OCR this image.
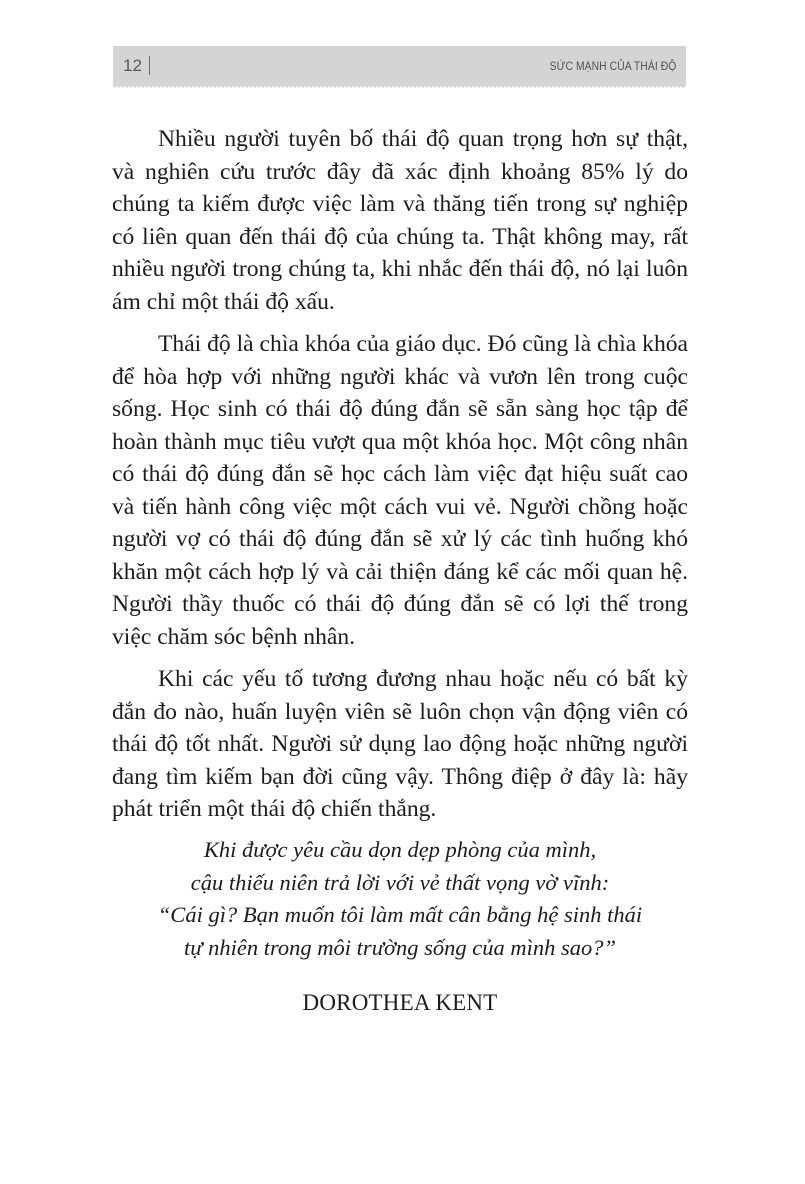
12	SỨC MẠNH CỦA THÁI ĐỘ

Nhiều người tuyên bố thái độ quan trọng hơn sự thật, và nghiên cứu trước đây đã xác định khoảng 85% lý do chúng ta kiếm được việc làm và thăng tiến trong sự nghiệp có liên quan đến thái độ của chúng ta. Thật không may, rất nhiều người trong chúng ta, khi nhắc đến thái độ, nó lại luôn ám chỉ một thái độ xấu.

Thái độ là chìa khóa của giáo dục. Đó cũng là chìa khóa để hòa hợp với những người khác và vươn lên trong cuộc sống. Học sinh có thái độ đúng đắn sẽ sẵn sàng học tập để hoàn thành mục tiêu vượt qua một khóa học. Một công nhân có thái độ đúng đắn sẽ học cách làm việc đạt hiệu suất cao và tiến hành công việc một cách vui vẻ. Người chồng hoặc người vợ có thái độ đúng đắn sẽ xử lý các tình huống khó khăn một cách hợp lý và cải thiện đáng kể các mối quan hệ. Người thầy thuốc có thái độ đúng đắn sẽ có lợi thế trong việc chăm sóc bệnh nhân.

Khi các yếu tố tương đương nhau hoặc nếu có bất kỳ đắn đo nào, huấn luyện viên sẽ luôn chọn vận động viên có thái độ tốt nhất. Người sử dụng lao động hoặc những người đang tìm kiếm bạn đời cũng vậy. Thông điệp ở đây là: hãy phát triển một thái độ chiến thắng.

Khi được yêu cầu dọn dẹp phòng của mình,
cậu thiếu niên trả lời với vẻ thất vọng vờ vĩnh:
“Cái gì? Bạn muốn tôi làm mất cân bằng hệ sinh thái
tự nhiên trong môi trường sống của mình sao?”
DOROTHEA KENT
